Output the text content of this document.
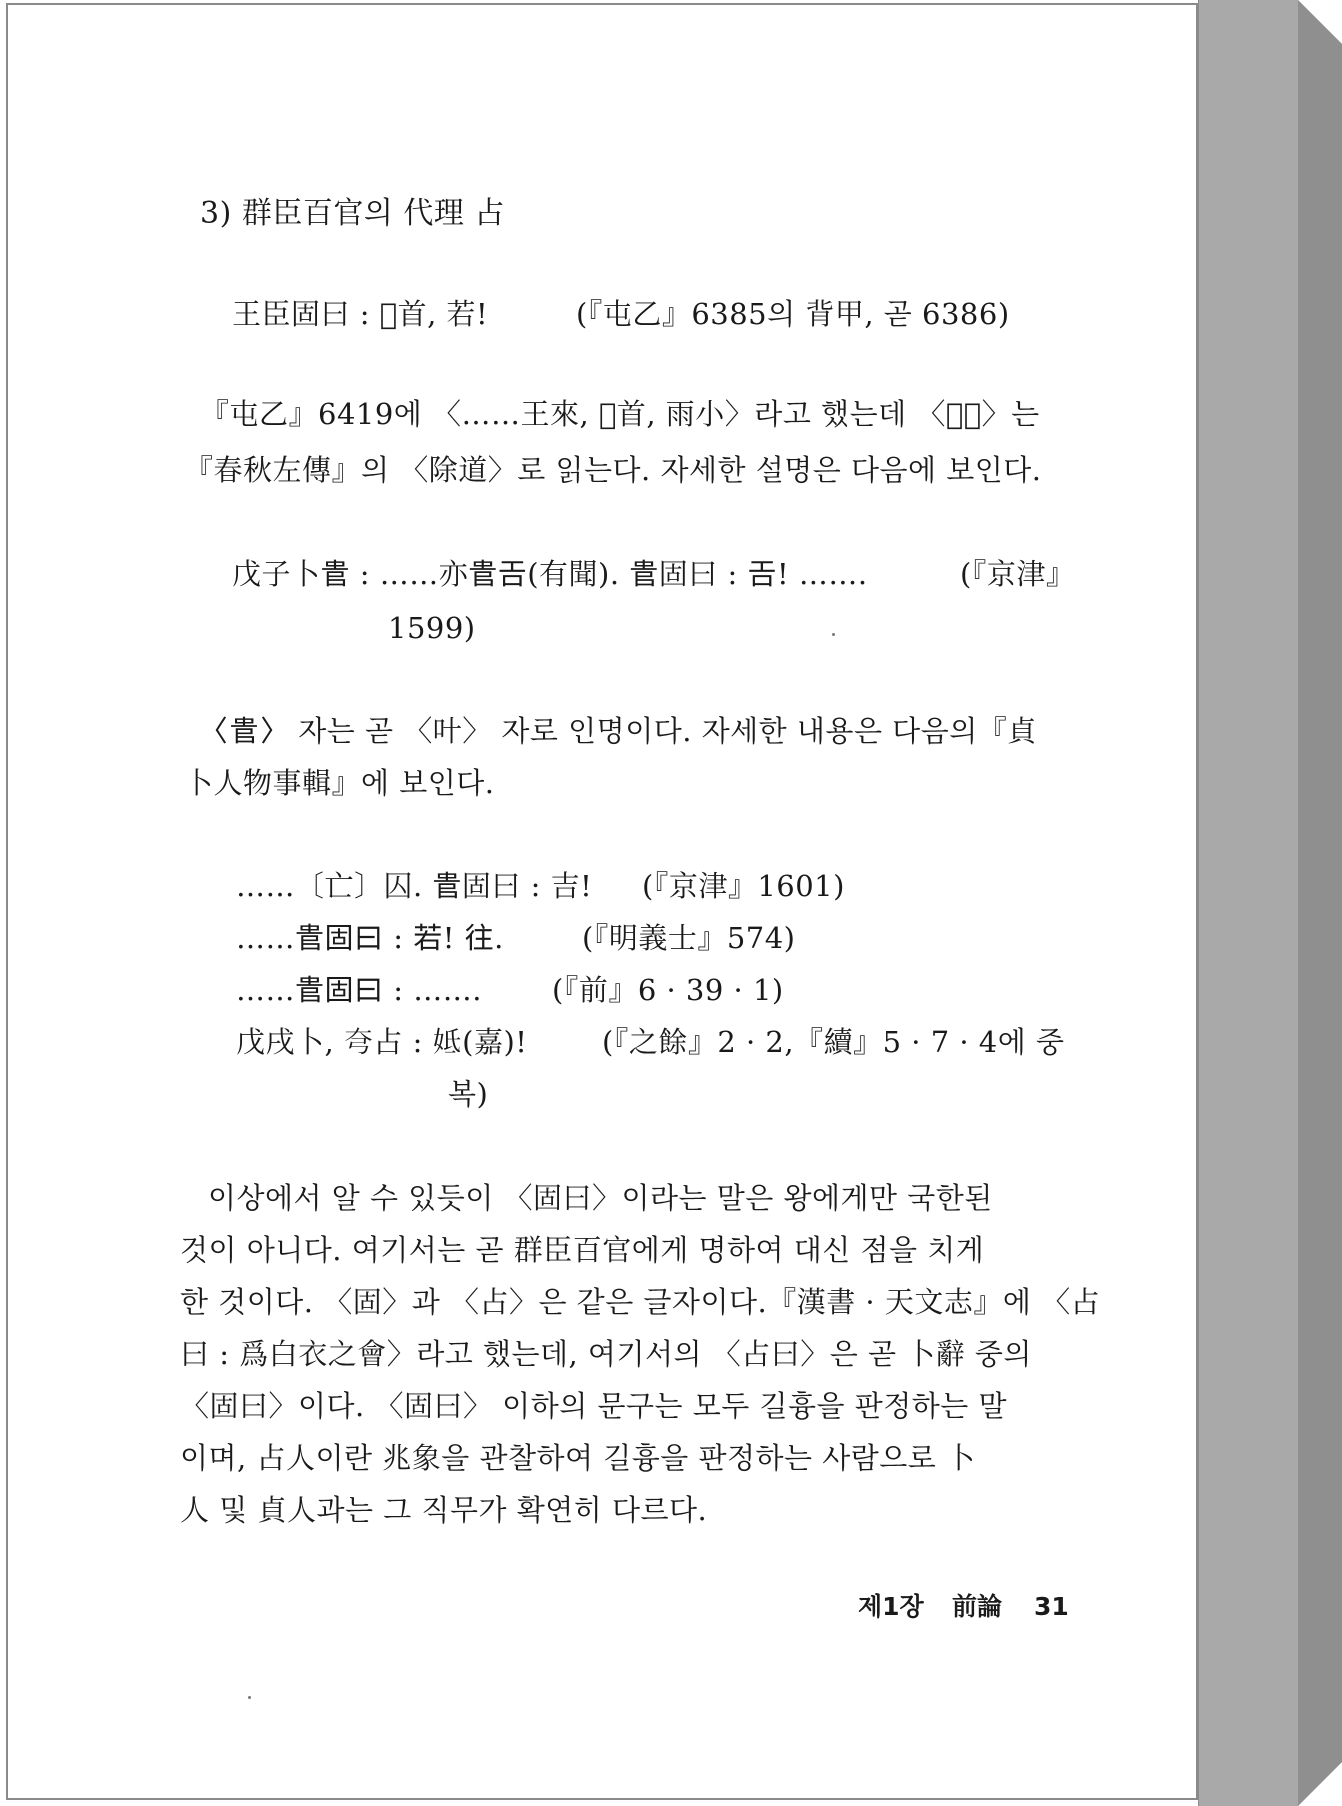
3) 群臣百官의 代理 占
王臣固曰 : 𨭡首, 若!	(『屯乙』6385의 背甲, 곧 6386)
『屯乙』6419에 〈……王來, 𨭡首, 雨小〉라고 했는데 〈𨭡首〉는
『春秋左傳』의 〈除道〉로 읽는다. 자세한 설명은 다음에 보인다.
戊子卜𠳋 : ……亦𠳋𢀛(有聞). 𠳋固曰 : 𢀛! …….	(『京津』
1599)
〈𠳋〉 자는 곧 〈叶〉 자로 인명이다. 자세한 내용은 다음의『貞
卜人物事輯』에 보인다.
……〔亡〕囚. 𠳋固曰 : 吉! (『京津』1601)
……𠳋固曰 : 若! 往.	(『明義士』574)
……𠳋固曰 : ……. (『前』6 · 39 · 1)
戊戌卜, 𡗝占 : 𡛜(嘉)!	(『之餘』2 · 2,『續』5 · 7 · 4에 중
복)
이상에서 알 수 있듯이 〈固曰〉이라는 말은 왕에게만 국한된
것이 아니다. 여기서는 곧 群臣百官에게 명하여 대신 점을 치게
한 것이다. 〈固〉과 〈占〉은 같은 글자이다.『漢書 · 天文志』에 〈占
曰 : 爲白衣之會〉라고 했는데, 여기서의 〈占曰〉은 곧 卜辭 중의
〈固曰〉이다. 〈固曰〉 이하의 문구는 모두 길흉을 판정하는 말
이며, 占人이란 兆象을 관찰하여 길흉을 판정하는 사람으로 卜
人 및 貞人과는 그 직무가 확연히 다르다.
제1장 前論 31
